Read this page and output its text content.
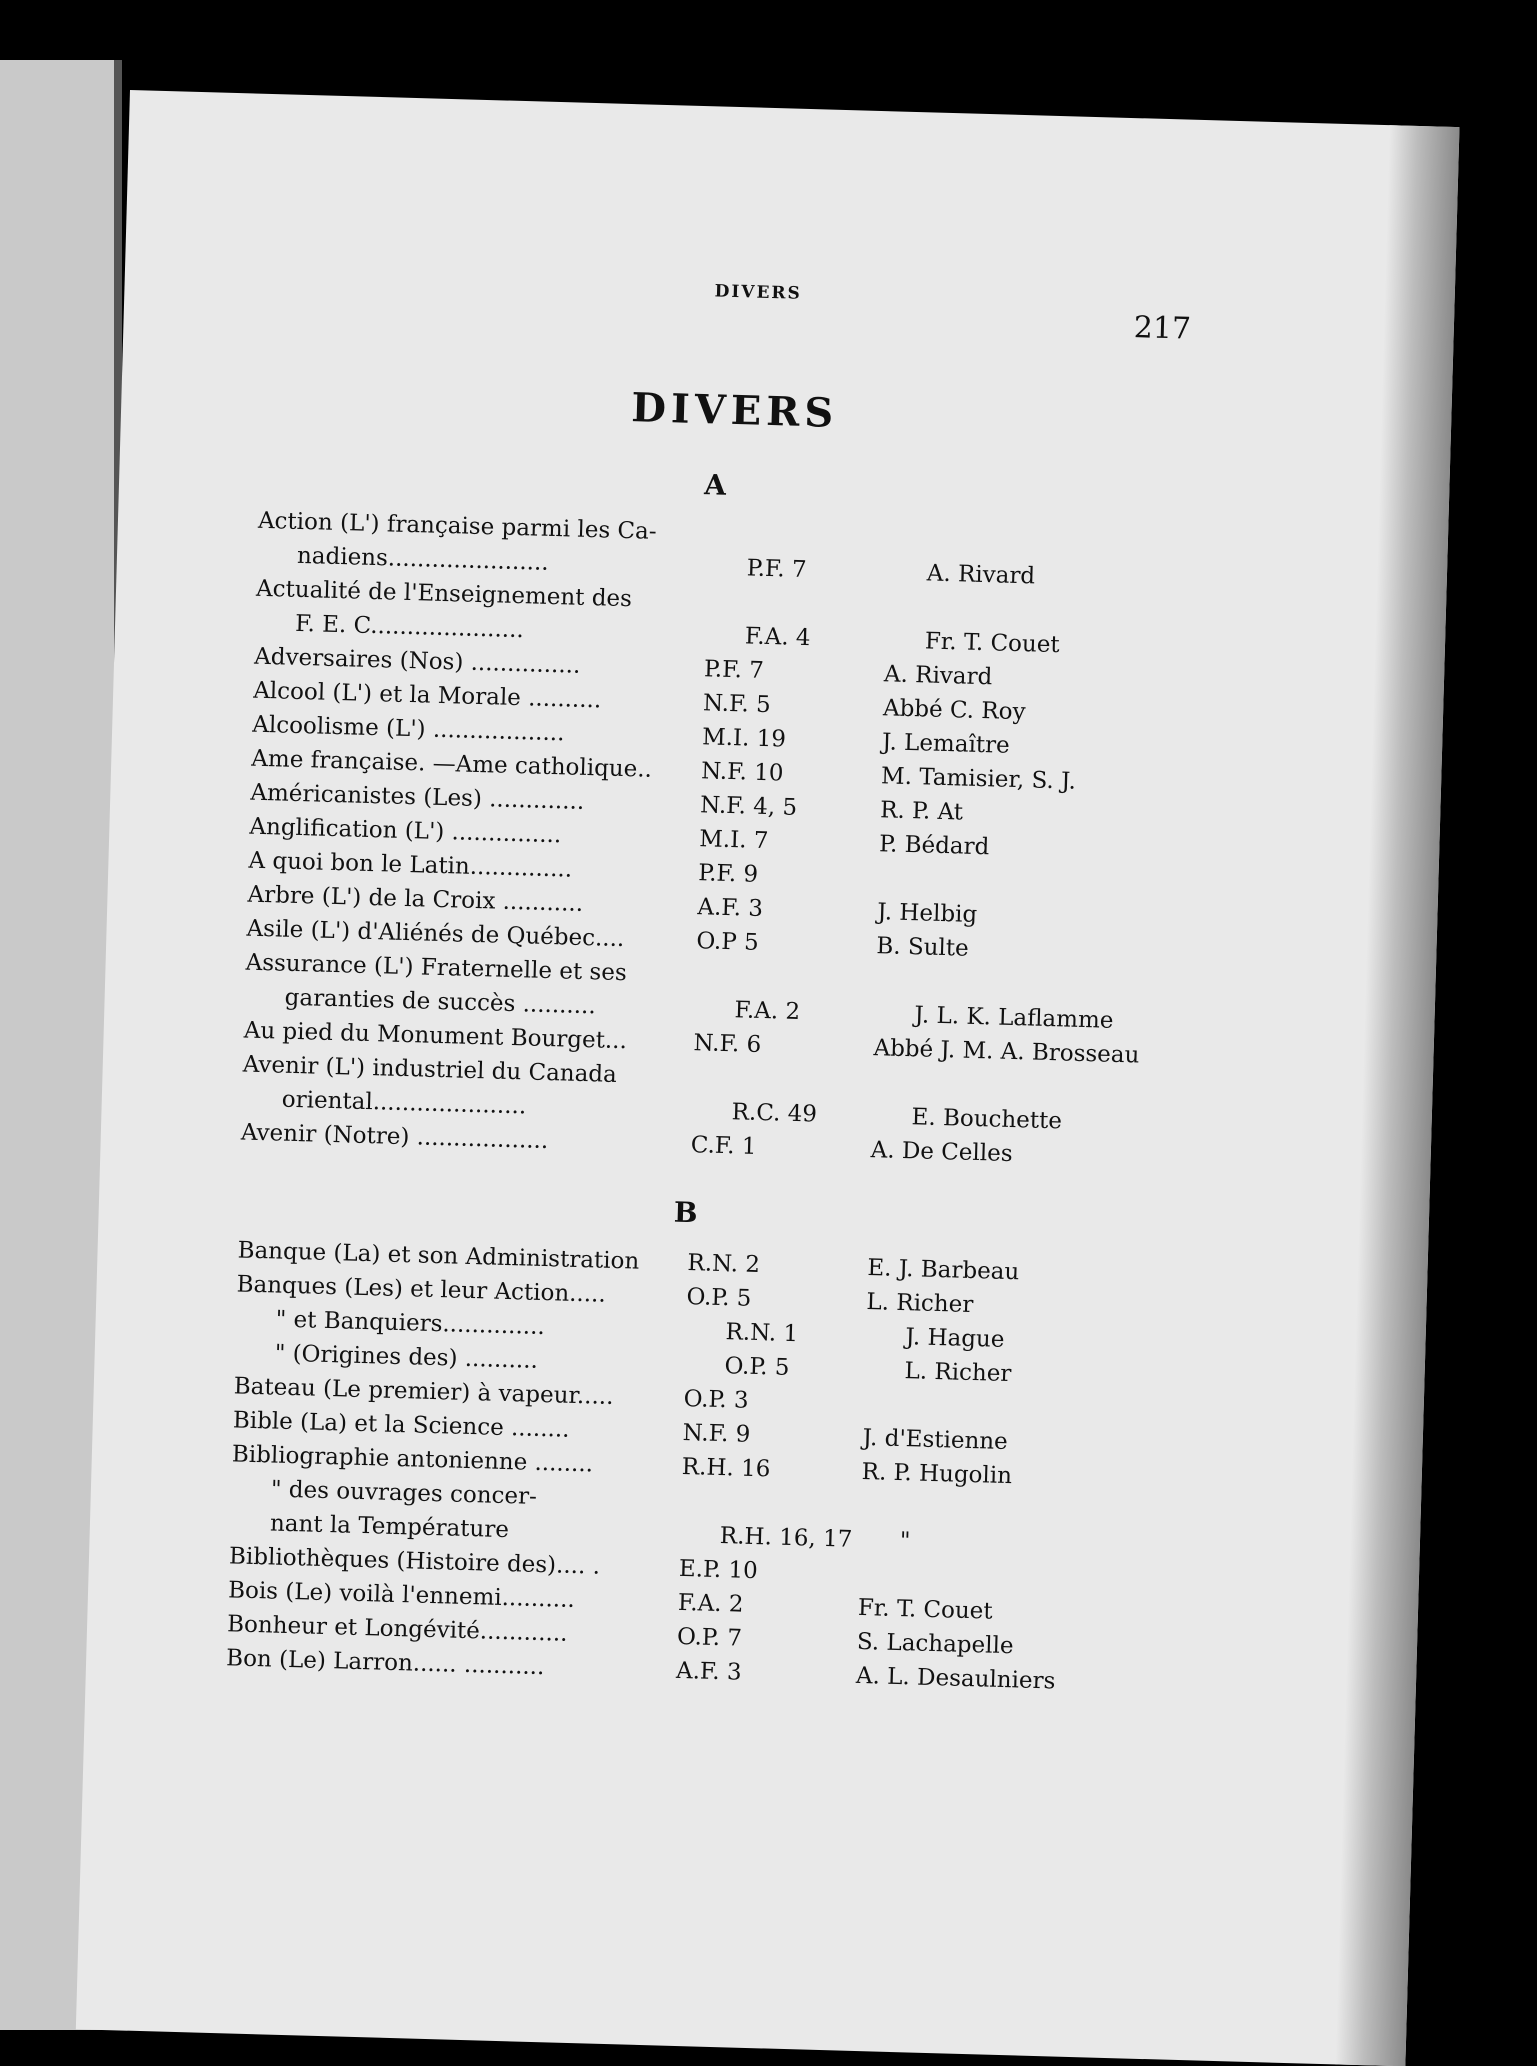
DIVERS
217
DIVERS
A
Action (L') française parmi les Ca-
nadiens......................	P.F. 7	A. Rivard
Actualité de l'Enseignement des
F. E. C.....................	F.A. 4	Fr. T. Couet
Adversaires (Nos) ...............	P.F. 7	A. Rivard
Alcool (L') et la Morale ..........	N.F. 5	Abbé C. Roy
Alcoolisme (L') ..................	M.I. 19	J. Lemaître
Ame française. —Ame catholique..	N.F. 10	M. Tamisier, S. J.
Américanistes (Les) .............	N.F. 4, 5	R. P. At
Anglification (L') ...............	M.I. 7	P. Bédard
A quoi bon le Latin..............	P.F. 9
Arbre (L') de la Croix ...........	A.F. 3	J. Helbig
Asile (L') d'Aliénés de Québec....	O.P 5	B. Sulte
Assurance (L') Fraternelle et ses
garanties de succès ..........	F.A. 2	J. L. K. Laflamme
Au pied du Monument Bourget...	N.F. 6	Abbé J. M. A. Brosseau
Avenir (L') industriel du Canada
oriental.....................	R.C. 49	E. Bouchette
Avenir (Notre) ..................	C.F. 1	A. De Celles
B
Banque (La) et son Administration	R.N. 2	E. J. Barbeau
Banques (Les) et leur Action.....	O.P. 5	L. Richer
" et Banquiers..............	R.N. 1	J. Hague
" (Origines des) ..........	O.P. 5	L. Richer
Bateau (Le premier) à vapeur.....	O.P. 3
Bible (La) et la Science ........	N.F. 9	J. d'Estienne
Bibliographie antonienne ........	R.H. 16	R. P. Hugolin
" des ouvrages concer-
nant la Température	R.H. 16, 17	"
Bibliothèques (Histoire des).... .	E.P. 10
Bois (Le) voilà l'ennemi..........	F.A. 2	Fr. T. Couet
Bonheur et Longévité............	O.P. 7	S. Lachapelle
Bon (Le) Larron...... ...........	A.F. 3	A. L. Desaulniers
